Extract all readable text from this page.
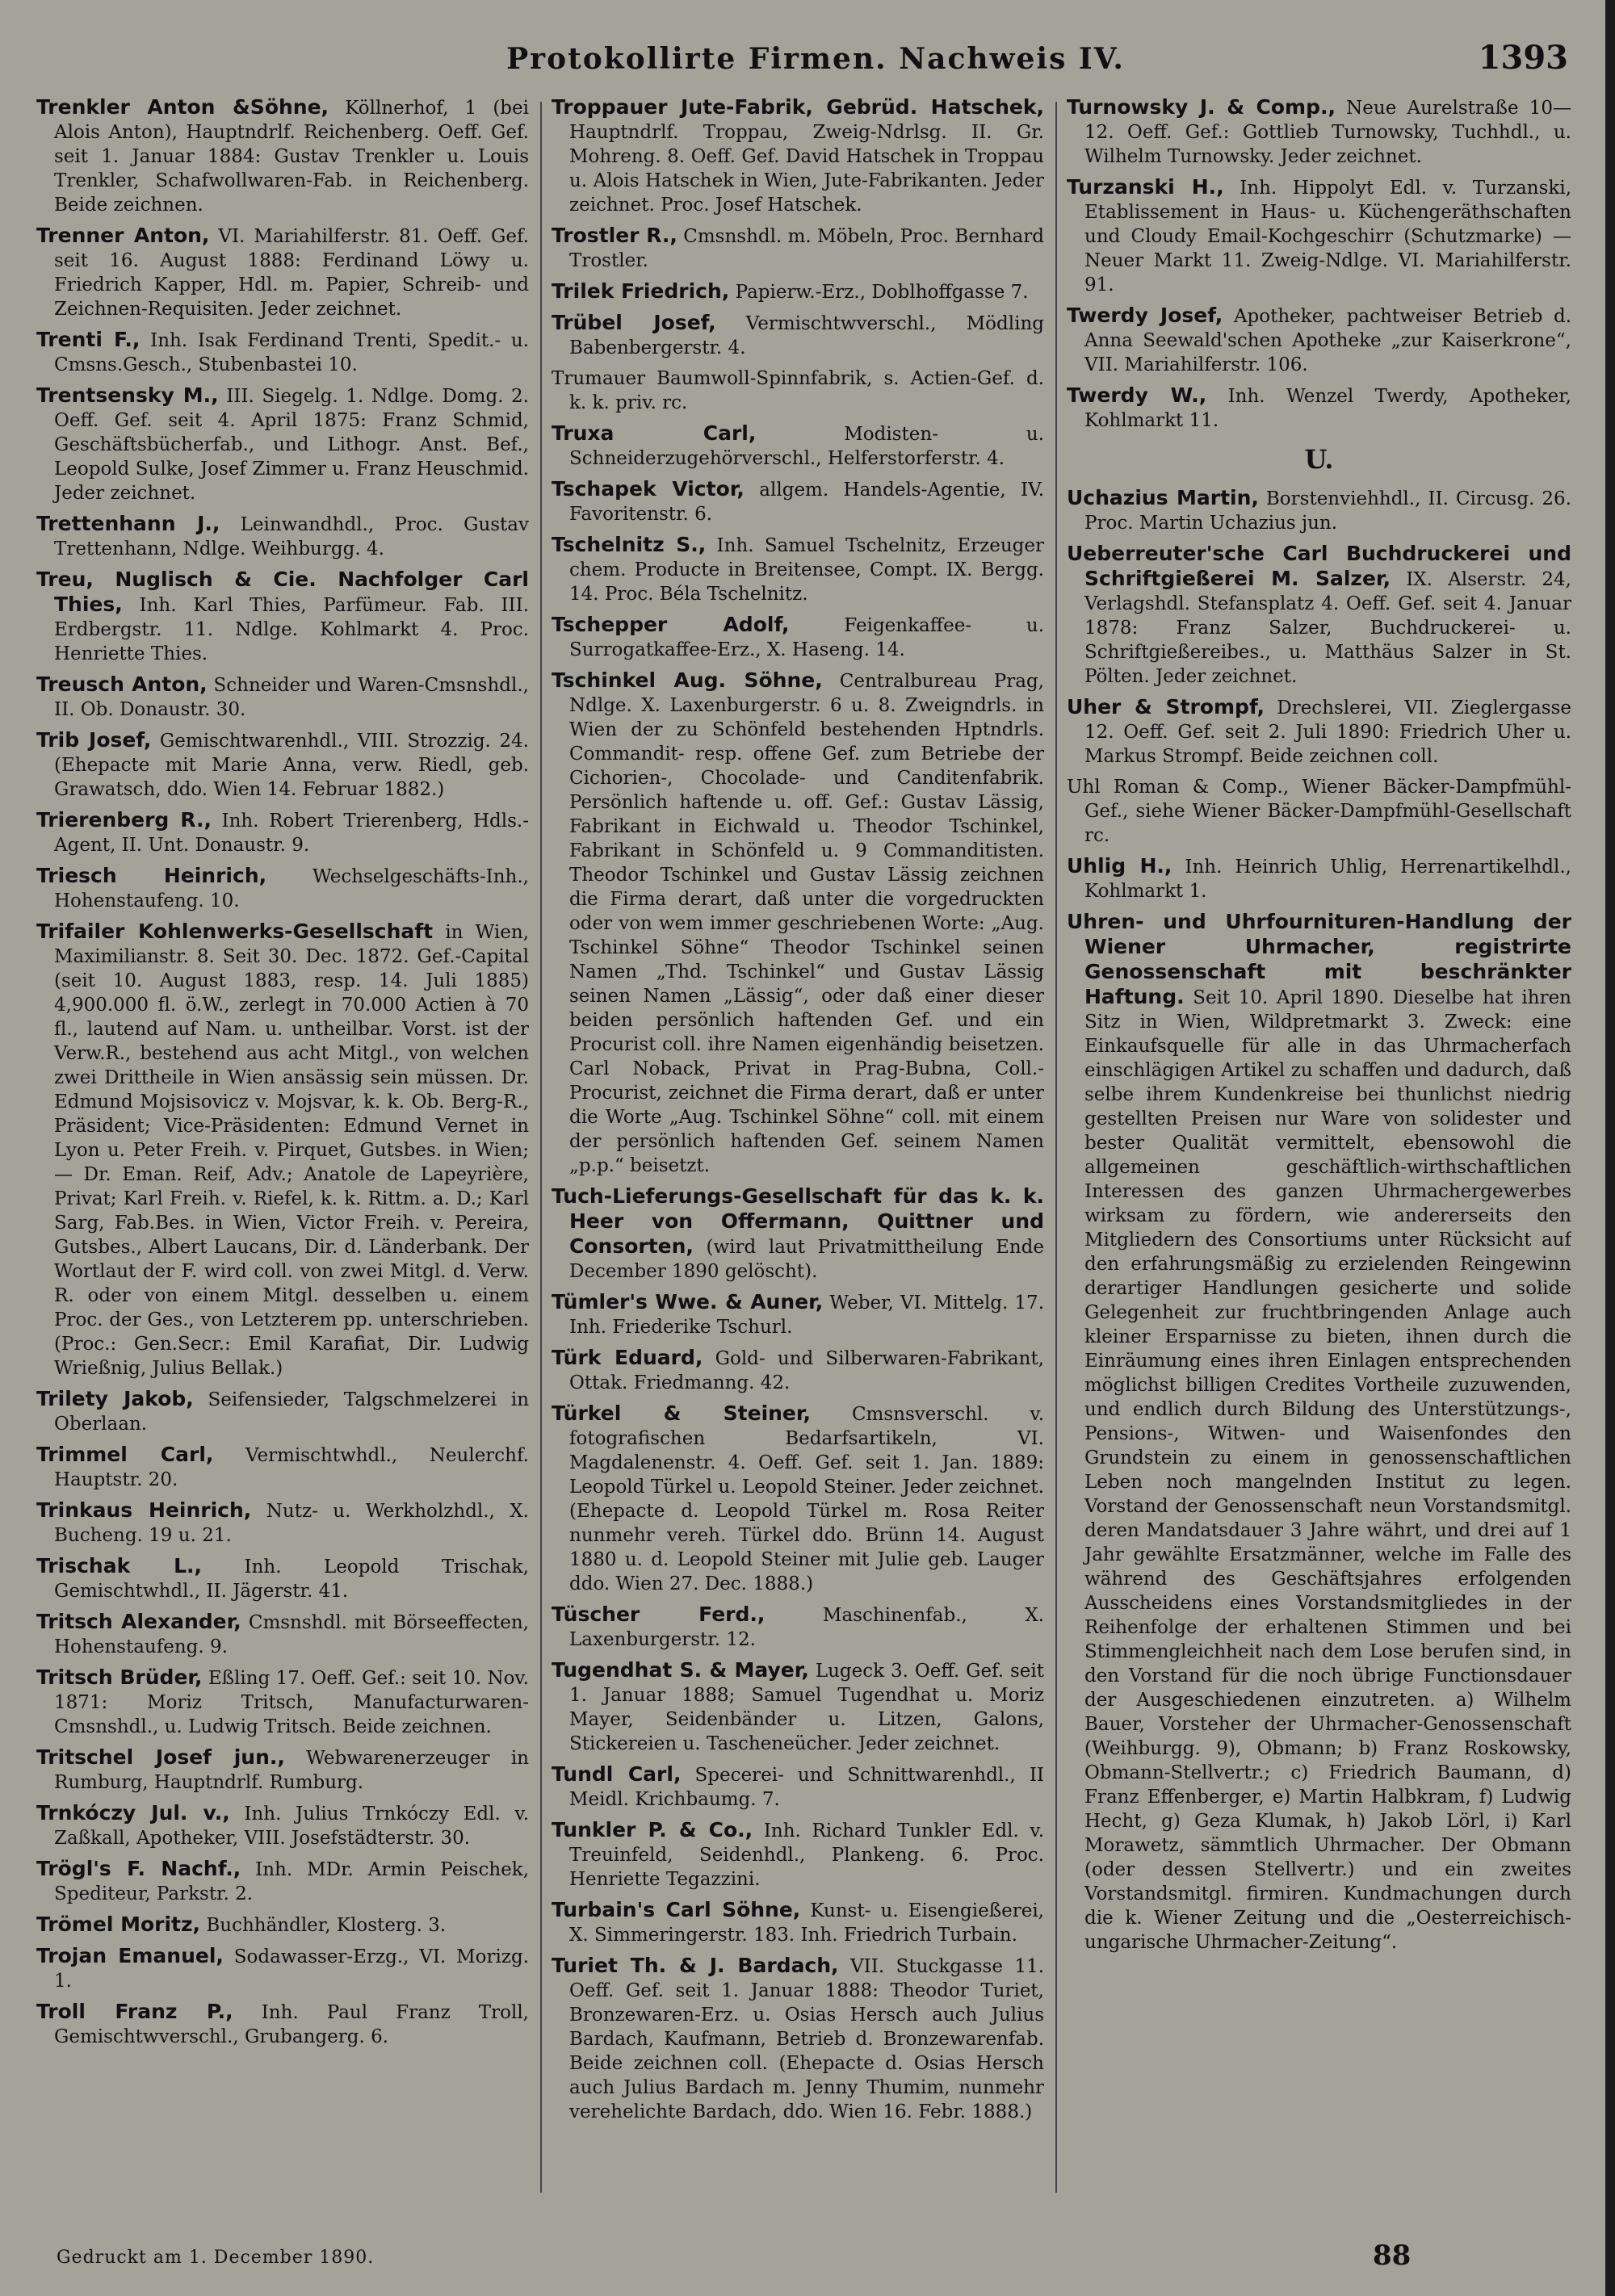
Protokollirte Firmen. Nachweis IV.	1393
Trenkler Anton &Söhne, Köllnerhof, 1 (bei Alois Anton), Hauptndrlf. Reichenberg. Oeff. Gef. seit 1. Januar 1884: Gustav Trenkler u. Louis Trenkler, Schafwollwaren-Fab. in Reichenberg. Beide zeichnen.
Trenner Anton, VI. Mariahilferstr. 81. Oeff. Gef. seit 16. August 1888: Ferdinand Löwy u. Friedrich Kapper, Hdl. m. Papier, Schreib- und Zeichnen-Requisiten. Jeder zeichnet.
Trenti F., Inh. Isak Ferdinand Trenti, Spedit.- u. Cmsns.Gesch., Stubenbastei 10.
Trentsensky M., III. Siegelg. 1. Ndlge. Domg. 2. Oeff. Gef. seit 4. April 1875: Franz Schmid, Geschäftsbücherfab., und Lithogr. Anst. Bef., Leopold Sulke, Josef Zimmer u. Franz Heuschmid. Jeder zeichnet.
Trettenhann J., Leinwandhdl., Proc. Gustav Trettenhann, Ndlge. Weihburgg. 4.
Treu, Nuglisch & Cie. Nachfolger Carl Thies, Inh. Karl Thies, Parfümeur. Fab. III. Erdbergstr. 11. Ndlge. Kohlmarkt 4. Proc. Henriette Thies.
Treusch Anton, Schneider und Waren-Cmsnshdl., II. Ob. Donaustr. 30.
Trib Josef, Gemischtwarenhdl., VIII. Strozzig. 24. (Ehepacte mit Marie Anna, verw. Riedl, geb. Grawatsch, ddo. Wien 14. Februar 1882.)
Trierenberg R., Inh. Robert Trierenberg, Hdls.-Agent, II. Unt. Donaustr. 9.
Triesch Heinrich, Wechselgeschäfts-Inh., Hohenstaufeng. 10.
Trifailer Kohlenwerks-Gesellschaft in Wien, Maximilianstr. 8. Seit 30. Dec. 1872. Gef.-Capital (seit 10. August 1883, resp. 14. Juli 1885) 4,900.000 fl. ö.W., zerlegt in 70.000 Actien à 70 fl., lautend auf Nam. u. untheilbar. Vorst. ist der Verw.R., bestehend aus acht Mitgl., von welchen zwei Drittheile in Wien ansässig sein müssen. Dr. Edmund Mojsisovicz v. Mojsvar, k. k. Ob. Berg-R., Präsident; Vice-Präsidenten: Edmund Vernet in Lyon u. Peter Freih. v. Pirquet, Gutsbes. in Wien; — Dr. Eman. Reif, Adv.; Anatole de Lapeyrière, Privat; Karl Freih. v. Riefel, k. k. Rittm. a. D.; Karl Sarg, Fab.Bes. in Wien, Victor Freih. v. Pereira, Gutsbes., Albert Laucans, Dir. d. Länderbank. Der Wortlaut der F. wird coll. von zwei Mitgl. d. Verw. R. oder von einem Mitgl. desselben u. einem Proc. der Ges., von Letzterem pp. unterschrieben. (Proc.: Gen.Secr.: Emil Karafiat, Dir. Ludwig Wrießnig, Julius Bellak.)
Trilety Jakob, Seifensieder, Talgschmelzerei in Oberlaan.
Trimmel Carl, Vermischtwhdl., Neulerchf. Hauptstr. 20.
Trinkaus Heinrich, Nutz- u. Werkholzhdl., X. Bucheng. 19 u. 21.
Trischak L., Inh. Leopold Trischak, Gemischtwhdl., II. Jägerstr. 41.
Tritsch Alexander, Cmsnshdl. mit Börseeffecten, Hohenstaufeng. 9.
Tritsch Brüder, Eßling 17. Oeff. Gef.: seit 10. Nov. 1871: Moriz Tritsch, Manufacturwaren-Cmsnshdl., u. Ludwig Tritsch. Beide zeichnen.
Tritschel Josef jun., Webwarenerzeuger in Rumburg, Hauptndrlf. Rumburg.
Trnkóczy Jul. v., Inh. Julius Trnkóczy Edl. v. Zaßkall, Apotheker, VIII. Josefstädterstr. 30.
Trögl's F. Nachf., Inh. MDr. Armin Peischek, Spediteur, Parkstr. 2.
Trömel Moritz, Buchhändler, Klosterg. 3.
Trojan Emanuel, Sodawasser-Erzg., VI. Morizg. 1.
Troll Franz P., Inh. Paul Franz Troll, Gemischtwverschl., Grubangerg. 6.
Troppauer Jute-Fabrik, Gebrüd. Hatschek, Hauptndrlf. Troppau, Zweig-Ndrlsg. II. Gr. Mohreng. 8. Oeff. Gef. David Hatschek in Troppau u. Alois Hatschek in Wien, Jute-Fabrikanten. Jeder zeichnet. Proc. Josef Hatschek.
Trostler R., Cmsnshdl. m. Möbeln, Proc. Bernhard Trostler.
Trilek Friedrich, Papierw.-Erz., Doblhoffgasse 7.
Trübel Josef, Vermischtwverschl., Mödling Babenbergerstr. 4.
Trumauer Baumwoll-Spinnfabrik, s. Actien-Gef. d. k. k. priv. rc.
Truxa Carl,	Modisten- u. Schneiderzugehörverschl., Helferstorferstr. 4.
Tschapek Victor, allgem. Handels-Agentie, IV. Favoritenstr. 6.
Tschelnitz S., Inh. Samuel Tschelnitz, Erzeuger chem. Producte in Breitensee, Compt. IX. Bergg. 14. Proc. Béla Tschelnitz.
Tschepper Adolf,	Feigenkaffee- u. Surrogatkaffee-Erz., X. Haseng. 14.
Tschinkel Aug. Söhne, Centralbureau Prag, Ndlge. X. Laxenburgerstr. 6 u. 8. Zweigndrls. in Wien der zu Schönfeld bestehenden Hptndrls. Commandit- resp. offene Gef. zum Betriebe der Cichorien-, Chocolade- und Canditenfabrik. Persönlich haftende u. off. Gef.: Gustav Lässig, Fabrikant in Eichwald u. Theodor Tschinkel, Fabrikant in Schönfeld u. 9 Commanditisten. Theodor Tschinkel und Gustav Lässig zeichnen die Firma derart, daß unter die vorgedruckten oder von wem immer geschriebenen Worte: „Aug. Tschinkel Söhne“ Theodor Tschinkel seinen Namen „Thd. Tschinkel“ und Gustav Lässig seinen Namen „Lässig“, oder daß einer dieser beiden persönlich haftenden Gef. und ein Procurist coll. ihre Namen eigenhändig beisetzen. Carl Noback, Privat in Prag-Bubna, Coll.-Procurist, zeichnet die Firma derart, daß er unter die Worte „Aug. Tschinkel Söhne“ coll. mit einem der persönlich haftenden Gef. seinem Namen „p.p.“ beisetzt.
Tuch-Lieferungs-Gesellschaft für das k. k. Heer von Offermann, Quittner und Consorten, (wird laut Privatmittheilung Ende December 1890 gelöscht).
Tümler's Wwe. & Auner, Weber, VI. Mittelg. 17. Inh. Friederike Tschurl.
Türk Eduard, Gold- und Silberwaren-Fabrikant, Ottak. Friedmanng. 42.
Türkel & Steiner, Cmsnsverschl. v. fotografischen Bedarfsartikeln, VI. Magdalenenstr. 4. Oeff. Gef. seit 1. Jan. 1889: Leopold Türkel u. Leopold Steiner. Jeder zeichnet. (Ehepacte d. Leopold Türkel m. Rosa Reiter nunmehr vereh. Türkel ddo. Brünn 14. August 1880 u. d. Leopold Steiner mit Julie geb. Lauger ddo. Wien 27. Dec. 1888.)
Tüscher Ferd.,	Maschinenfab., X. Laxenburgerstr. 12.
Tugendhat S. & Mayer, Lugeck 3. Oeff. Gef. seit 1. Januar 1888; Samuel Tugendhat u. Moriz Mayer, Seidenbänder u. Litzen, Galons, Stickereien u. Tascheneücher. Jeder zeichnet.
Tundl Carl, Specerei- und Schnittwarenhdl., II Meidl. Krichbaumg. 7.
Tunkler P. & Co., Inh. Richard Tunkler Edl. v. Treuinfeld, Seidenhdl., Plankeng. 6. Proc. Henriette Tegazzini.
Turbain's Carl Söhne, Kunst- u. Eisengießerei, X. Simmeringerstr. 183. Inh. Friedrich Turbain.
Turiet Th. & J. Bardach, VII. Stuckgasse 11. Oeff. Gef. seit 1. Januar 1888: Theodor Turiet, Bronzewaren-Erz. u. Osias Hersch auch Julius Bardach, Kaufmann, Betrieb d. Bronzewarenfab. Beide zeichnen coll. (Ehepacte d. Osias Hersch auch Julius Bardach m. Jenny Thumim, nunmehr verehelichte Bardach, ddo. Wien 16. Febr. 1888.)
Turnowsky J. & Comp., Neue Aurelstraße 10—12. Oeff. Gef.: Gottlieb Turnowsky, Tuchhdl., u. Wilhelm Turnowsky. Jeder zeichnet.
Turzanski H., Inh. Hippolyt Edl. v. Turzanski, Etablissement in Haus- u. Küchengeräthschaften und Cloudy Email-Kochgeschirr (Schutzmarke) — Neuer Markt 11. Zweig-Ndlge. VI. Mariahilferstr. 91.
Twerdy Josef, Apotheker, pachtweiser Betrieb d. Anna Seewald'schen Apotheke „zur Kaiserkrone“, VII. Mariahilferstr. 106.
Twerdy W., Inh. Wenzel Twerdy, Apotheker, Kohlmarkt 11.
U.
Uchazius Martin, Borstenviehhdl., II. Circusg. 26. Proc. Martin Uchazius jun.
Ueberreuter'sche Carl Buchdruckerei und Schriftgießerei M. Salzer, IX. Alserstr. 24, Verlagshdl. Stefansplatz 4. Oeff. Gef. seit 4. Januar 1878: Franz Salzer, Buchdruckerei- u. Schriftgießereibes., u. Matthäus Salzer in St. Pölten. Jeder zeichnet.
Uher & Strompf, Drechslerei, VII. Zieglergasse 12. Oeff. Gef. seit 2. Juli 1890: Friedrich Uher u. Markus Strompf. Beide zeichnen coll.
Uhl Roman & Comp., Wiener Bäcker-Dampfmühl-Gef., siehe Wiener Bäcker-Dampfmühl-Gesellschaft rc.
Uhlig H., Inh. Heinrich Uhlig, Herrenartikelhdl., Kohlmarkt 1.
Uhren- und Uhrfournituren-Handlung der Wiener Uhrmacher, registrirte Genossenschaft mit beschränkter Haftung. Seit 10. April 1890. Dieselbe hat ihren Sitz in Wien, Wildpretmarkt 3. Zweck: eine Einkaufsquelle für alle in das Uhrmacherfach einschlägigen Artikel zu schaffen und dadurch, daß selbe ihrem Kundenkreise bei thunlichst niedrig gestellten Preisen nur Ware von solidester und bester Qualität vermittelt, ebensowohl die allgemeinen geschäftlich-wirthschaftlichen Interessen des ganzen Uhrmachergewerbes wirksam zu fördern, wie andererseits den Mitgliedern des Consortiums unter Rücksicht auf den erfahrungsmäßig zu erzielenden Reingewinn derartiger Handlungen gesicherte und solide Gelegenheit zur fruchtbringenden Anlage auch kleiner Ersparnisse zu bieten, ihnen durch die Einräumung eines ihren Einlagen entsprechenden möglichst billigen Credites Vortheile zuzuwenden, und endlich durch Bildung des Unterstützungs-, Pensions-, Witwen- und Waisenfondes den Grundstein zu einem in genossenschaftlichen Leben noch mangelnden Institut zu legen. Vorstand der Genossenschaft neun Vorstandsmitgl. deren Mandatsdauer 3 Jahre währt, und drei auf 1 Jahr gewählte Ersatzmänner, welche im Falle des während des Geschäftsjahres erfolgenden Ausscheidens eines Vorstandsmitgliedes in der Reihenfolge der erhaltenen Stimmen und bei Stimmengleichheit nach dem Lose berufen sind, in den Vorstand für die noch übrige Functionsdauer der Ausgeschiedenen einzutreten. a) Wilhelm Bauer, Vorsteher der Uhrmacher-Genossenschaft (Weihburgg. 9), Obmann; b) Franz Roskowsky, Obmann-Stellvertr.; c) Friedrich Baumann, d) Franz Effenberger, e) Martin Halbkram, f) Ludwig Hecht, g) Geza Klumak, h) Jakob Lörl, i) Karl Morawetz, sämmtlich Uhrmacher. Der Obmann (oder dessen Stellvertr.) und ein zweites Vorstandsmitgl. firmiren. Kundmachungen durch die k. Wiener Zeitung und die „Oesterreichisch-ungarische Uhrmacher-Zeitung“.
Gedruckt am 1. December 1890.	88
